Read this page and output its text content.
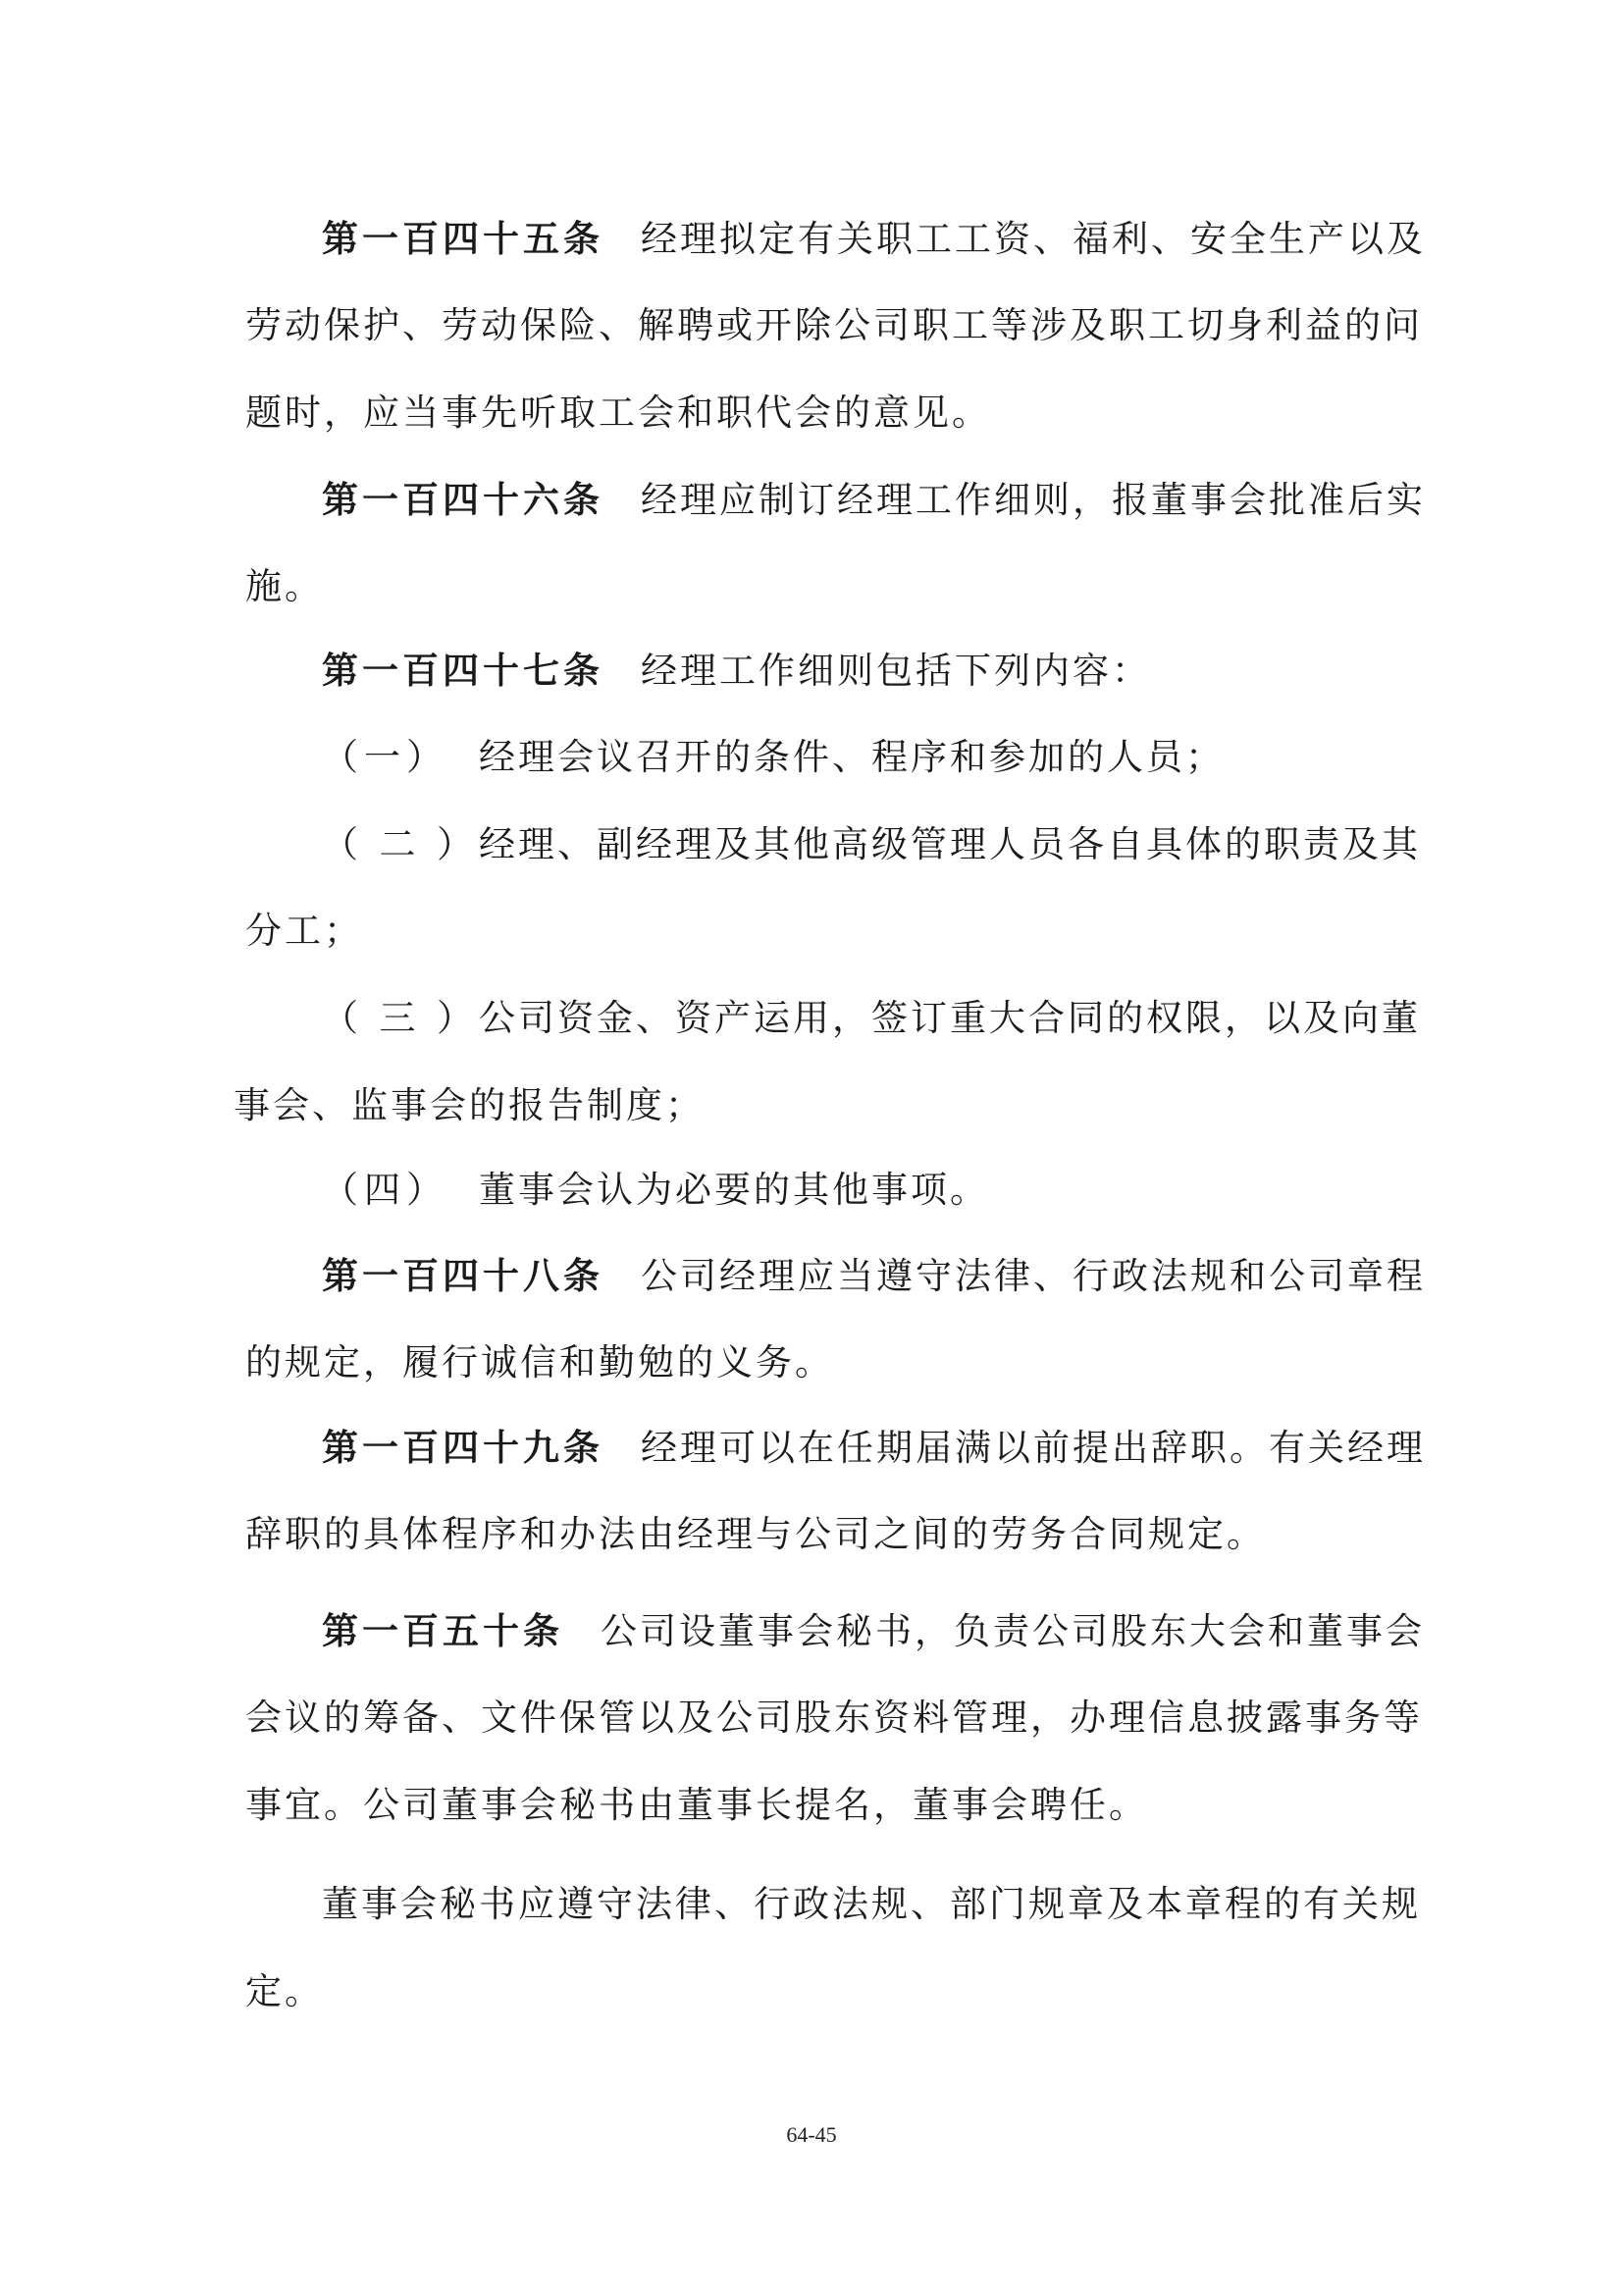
第一百四十五条 经理拟定有关职工工资、福利、安全生产以及
劳动保护、劳动保险、解聘或开除公司职工等涉及职工切身利益的问
题时，应当事先听取工会和职代会的意见。
第一百四十六条 经理应制订经理工作细则，报董事会批准后实
施。
第一百四十七条 经理工作细则包括下列内容：
（一） 经理会议召开的条件、程序和参加的人员；
（二）经理、副经理及其他高级管理人员各自具体的职责及其
分工；
（三）公司资金、资产运用，签订重大合同的权限，以及向董
事会、监事会的报告制度；
（四） 董事会认为必要的其他事项。
第一百四十八条 公司经理应当遵守法律、行政法规和公司章程
的规定，履行诚信和勤勉的义务。
第一百四十九条 经理可以在任期届满以前提出辞职。有关经理
辞职的具体程序和办法由经理与公司之间的劳务合同规定。
第一百五十条 公司设董事会秘书，负责公司股东大会和董事会
会议的筹备、文件保管以及公司股东资料管理，办理信息披露事务等
事宜。公司董事会秘书由董事长提名，董事会聘任。
董事会秘书应遵守法律、行政法规、部门规章及本章程的有关规
定。
64-45
